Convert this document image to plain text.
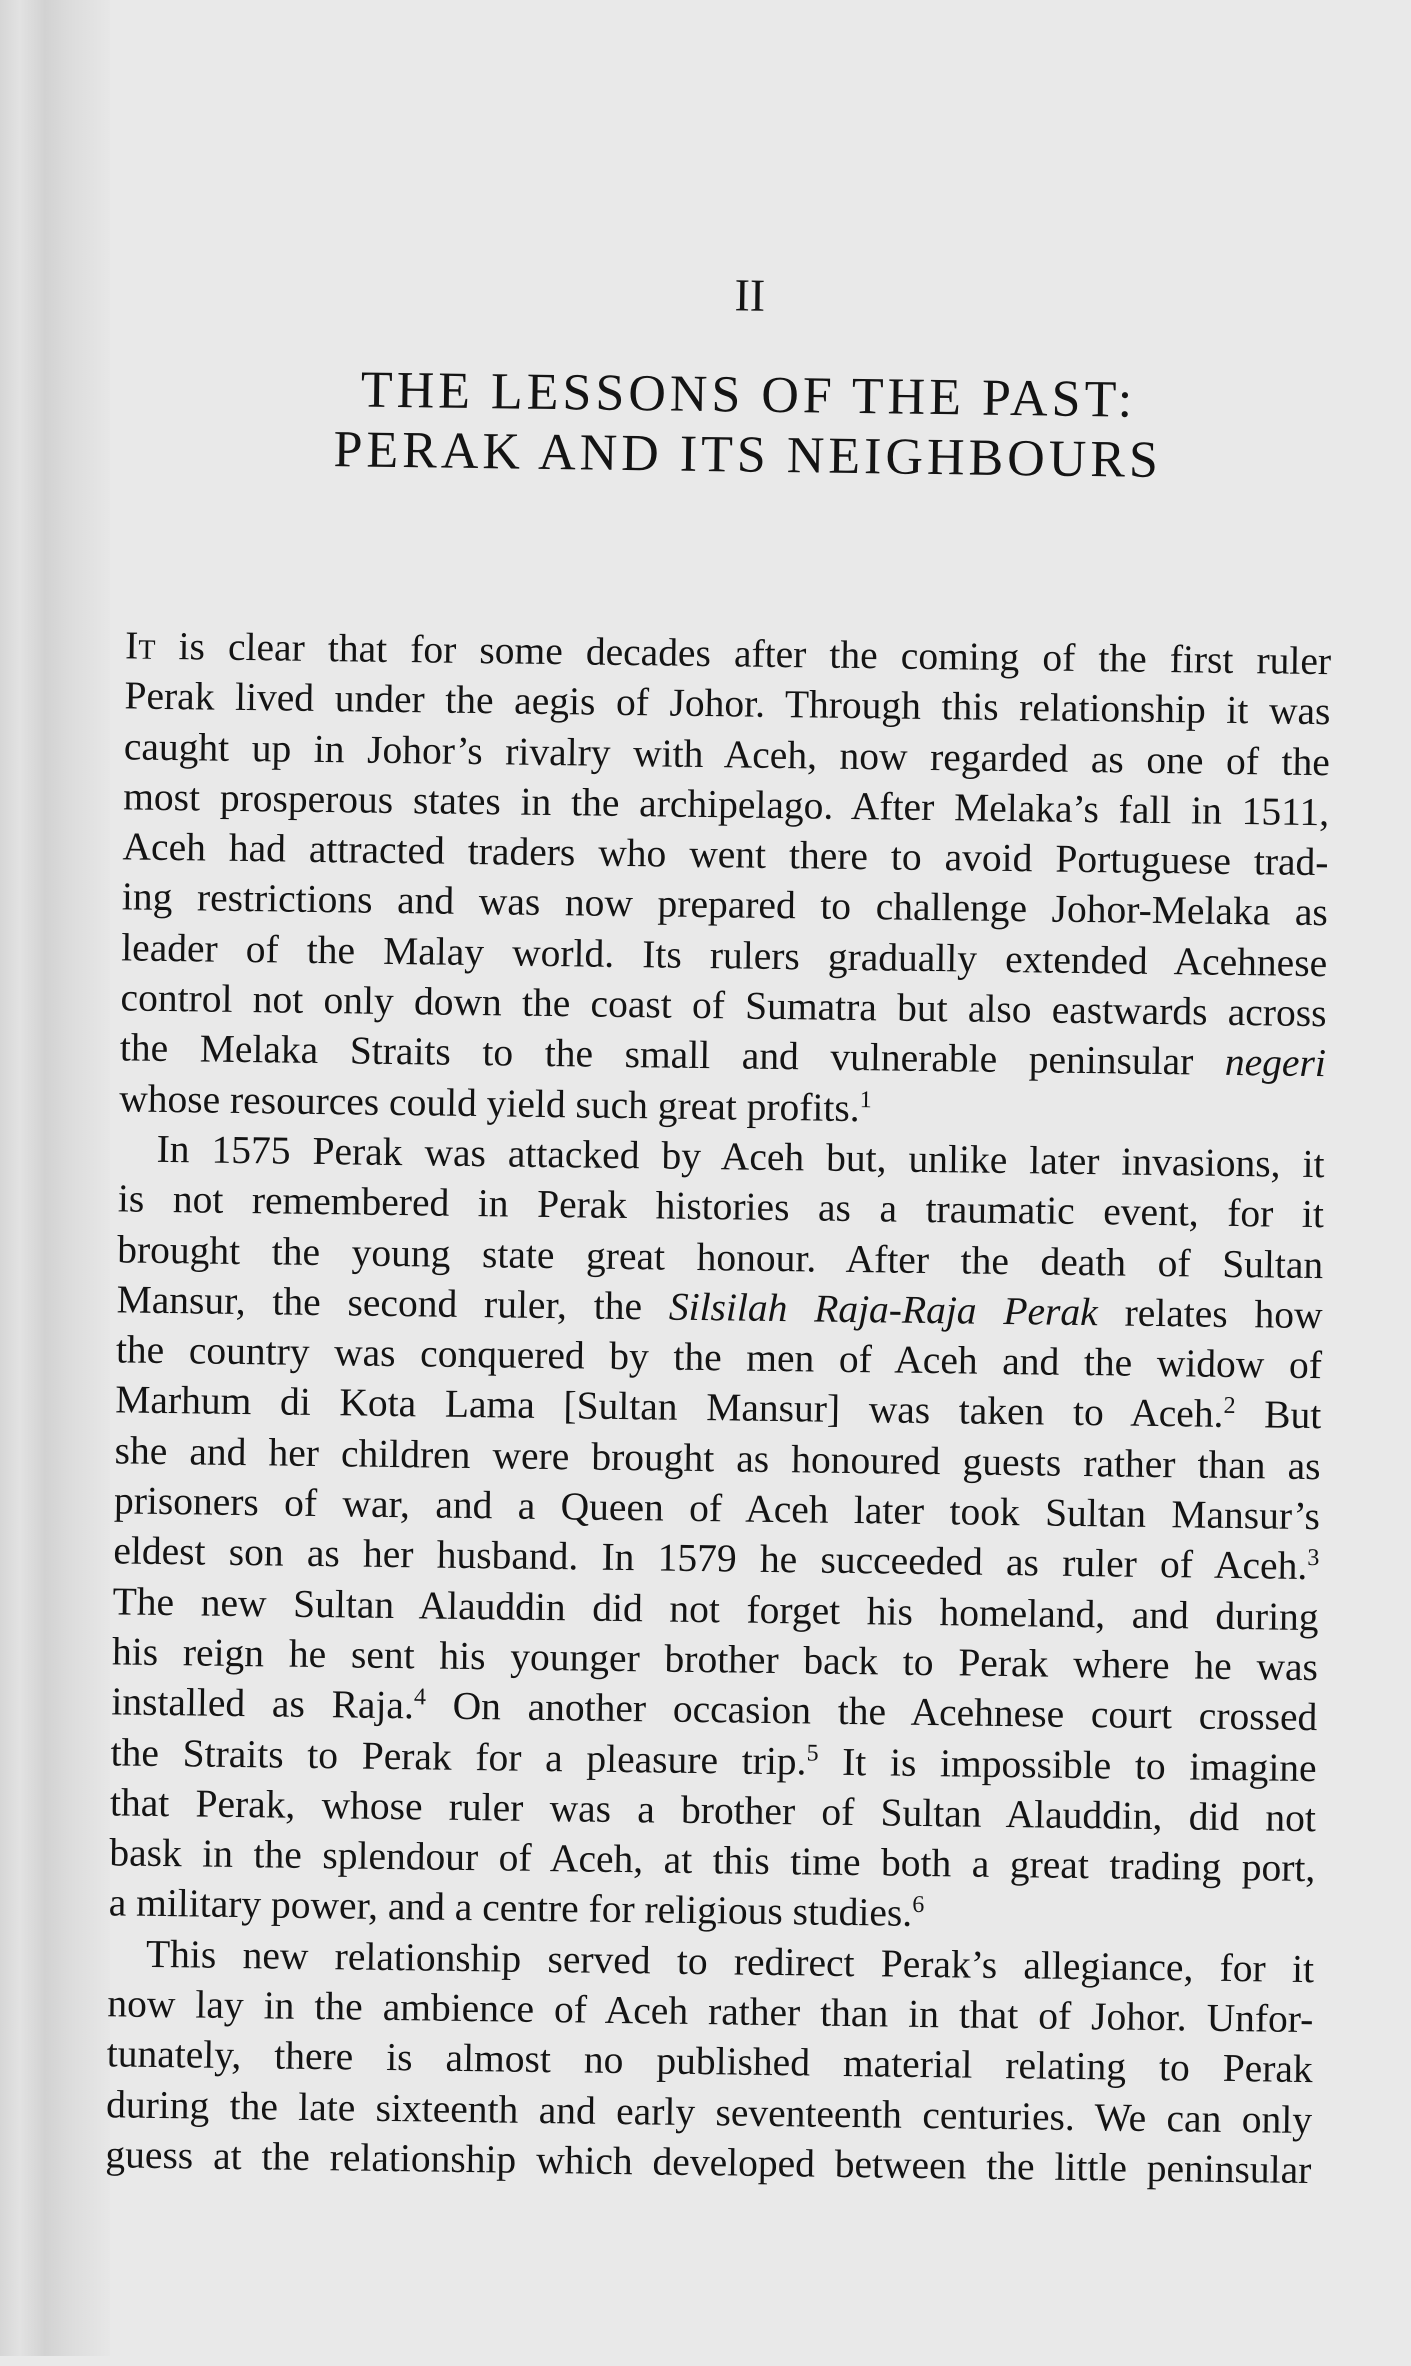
II
THE LESSONS OF THE PAST:
PERAK AND ITS NEIGHBOURS
It is clear that for some decades after the coming of the first ruler
Perak lived under the aegis of Johor. Through this relationship it was
caught up in Johor’s rivalry with Aceh, now regarded as one of the
most prosperous states in the archipelago. After Melaka’s fall in 1511,
Aceh had attracted traders who went there to avoid Portuguese trad-
ing restrictions and was now prepared to challenge Johor-Melaka as
leader of the Malay world. Its rulers gradually extended Acehnese
control not only down the coast of Sumatra but also eastwards across
the Melaka Straits to the small and vulnerable peninsular negeri
whose resources could yield such great profits.$^1$
In 1575 Perak was attacked by Aceh but, unlike later invasions, it
is not remembered in Perak histories as a traumatic event, for it
brought the young state great honour. After the death of Sultan
Mansur, the second ruler, the Silsilah Raja-Raja Perak relates how
the country was conquered by the men of Aceh and the widow of
Marhum di Kota Lama [Sultan Mansur] was taken to Aceh.$^2$ But
she and her children were brought as honoured guests rather than as
prisoners of war, and a Queen of Aceh later took Sultan Mansur’s
eldest son as her husband. In 1579 he succeeded as ruler of Aceh.$^3$
The new Sultan Alauddin did not forget his homeland, and during
his reign he sent his younger brother back to Perak where he was
installed as Raja.$^4$ On another occasion the Acehnese court crossed
the Straits to Perak for a pleasure trip.$^5$ It is impossible to imagine
that Perak, whose ruler was a brother of Sultan Alauddin, did not
bask in the splendour of Aceh, at this time both a great trading port,
a military power, and a centre for religious studies.$^6$
This new relationship served to redirect Perak’s allegiance, for it
now lay in the ambience of Aceh rather than in that of Johor. Unfor-
tunately, there is almost no published material relating to Perak
during the late sixteenth and early seventeenth centuries. We can only
guess at the relationship which developed between the little peninsular
